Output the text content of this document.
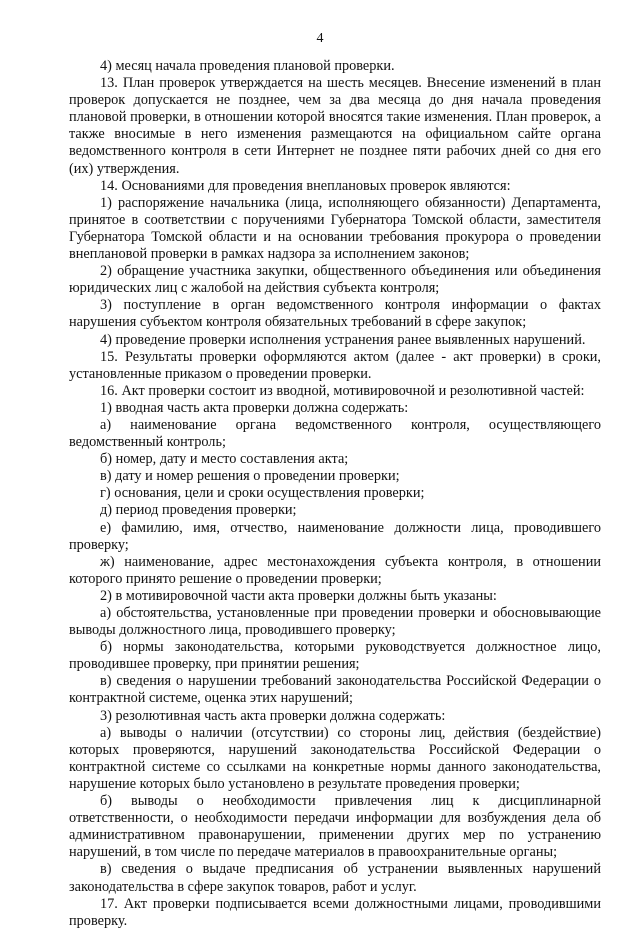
4

4) месяц начала проведения плановой проверки.

13. План проверок утверждается на шесть месяцев. Внесение изменений в план проверок допускается не позднее, чем за два месяца до дня начала проведения плановой проверки, в отношении которой вносятся такие изменения. План проверок, а также вносимые в него изменения размещаются на официальном сайте органа ведомственного контроля в сети Интернет не позднее пяти рабочих дней со дня его (их) утверждения.

14. Основаниями для проведения внеплановых проверок являются:

1) распоряжение начальника (лица, исполняющего обязанности) Департамента, принятое в соответствии с поручениями Губернатора Томской области, заместителя Губернатора Томской области и на основании требования прокурора о проведении внеплановой проверки в рамках надзора за исполнением законов;

2) обращение участника закупки, общественного объединения или объединения юридических лиц с жалобой на действия субъекта контроля;

3) поступление в орган ведомственного контроля информации о фактах нарушения субъектом контроля обязательных требований в сфере закупок;

4) проведение проверки исполнения устранения ранее выявленных нарушений.

15. Результаты проверки оформляются актом (далее - акт проверки) в сроки, установленные приказом о проведении проверки.

16. Акт проверки состоит из вводной, мотивировочной и резолютивной частей:

1) вводная часть акта проверки должна содержать:

а) наименование органа ведомственного контроля, осуществляющего ведомственный контроль;

б) номер, дату и место составления акта;

в) дату и номер решения о проведении проверки;

г) основания, цели и сроки осуществления проверки;

д) период проведения проверки;

е) фамилию, имя, отчество, наименование должности лица, проводившего проверку;

ж) наименование, адрес местонахождения субъекта контроля, в отношении которого принято решение о проведении проверки;

2) в мотивировочной части акта проверки должны быть указаны:

а) обстоятельства, установленные при проведении проверки и обосновывающие выводы должностного лица, проводившего проверку;

б) нормы законодательства, которыми руководствуется должностное лицо, проводившее проверку, при принятии решения;

в) сведения о нарушении требований законодательства Российской Федерации о контрактной системе, оценка этих нарушений;

3) резолютивная часть акта проверки должна содержать:

а) выводы о наличии (отсутствии) со стороны лиц, действия (бездействие) которых проверяются, нарушений законодательства Российской Федерации о контрактной системе со ссылками на конкретные нормы данного законодательства, нарушение которых было установлено в результате проведения проверки;

б) выводы о необходимости привлечения лиц к дисциплинарной ответственности, о необходимости передачи информации для возбуждения дела об административном правонарушении, применении других мер по устранению нарушений, в том числе по передаче материалов в правоохранительные органы;

в) сведения о выдаче предписания об устранении выявленных нарушений законодательства в сфере закупок товаров, работ и услуг.

17. Акт проверки подписывается всеми должностными лицами, проводившими проверку.
